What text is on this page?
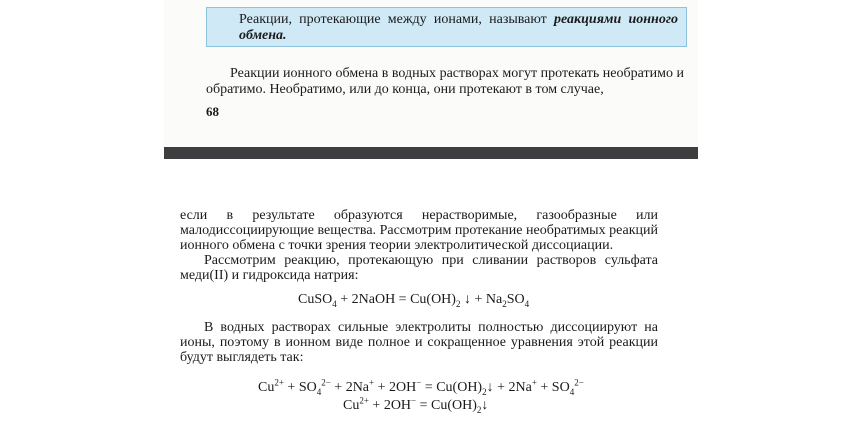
Реакции, протекающие между ионами, называют реакциями ионного обмена.
Реакции ионного обмена в водных растворах могут протекать необратимо и обратимо. Необратимо, или до конца, они протекают в том случае,
68
если в результате образуются нерастворимые, газообразные или малодиссоциирующие вещества. Рассмотрим протекание необратимых реакций ионного обмена с точки зрения теории электролитической диссоциации.
Рассмотрим реакцию, протекающую при сливании растворов сульфата меди(II) и гидроксида натрия:
CuSO$_4$ + 2NaOH = $Cu(OH)_2$ ↓ + $Na_2SO_4$
В водных растворах сильные электролиты полностью диссоциируют на ионы, поэтому в ионном виде полное и сокращенное уравнения этой реакции будут выглядеть так:
$Cu^{2+} + SO_4^{2-} + 2Na^+ + 2OH^-$ = $Cu(OH)_2↓ + 2Na^+ + SO_4^{2-}$
$Cu^{2+} + 2OH^-$ = $Cu(OH)_2↓$
